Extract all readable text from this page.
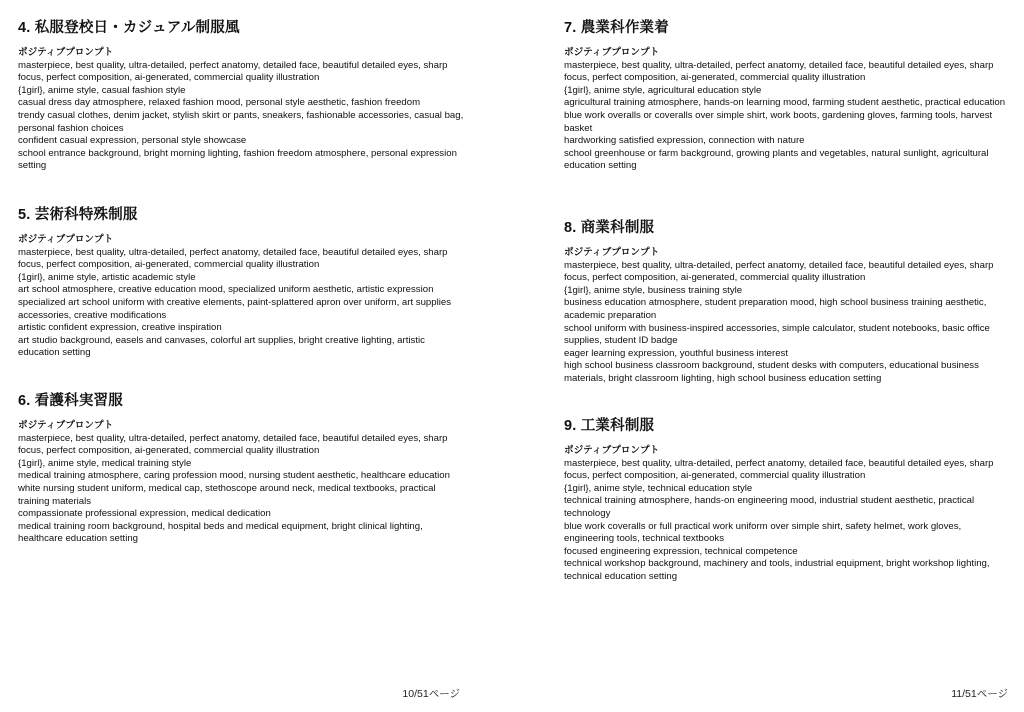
4. 私服登校日・カジュアル制服風
ポジティブプロンプト
masterpiece, best quality, ultra-detailed, perfect anatomy, detailed face, beautiful detailed eyes, sharp focus, perfect composition, ai-generated, commercial quality illustration
{1girl}, anime style, casual fashion style
casual dress day atmosphere, relaxed fashion mood, personal style aesthetic, fashion freedom
trendy casual clothes, denim jacket, stylish skirt or pants, sneakers, fashionable accessories, casual bag, personal fashion choices
confident casual expression, personal style showcase
school entrance background, bright morning lighting, fashion freedom atmosphere, personal expression setting
5. 芸術科特殊制服
ポジティブプロンプト
masterpiece, best quality, ultra-detailed, perfect anatomy, detailed face, beautiful detailed eyes, sharp focus, perfect composition, ai-generated, commercial quality illustration
{1girl}, anime style, artistic academic style
art school atmosphere, creative education mood, specialized uniform aesthetic, artistic expression
specialized art school uniform with creative elements, paint-splattered apron over uniform, art supplies accessories, creative modifications
artistic confident expression, creative inspiration
art studio background, easels and canvases, colorful art supplies, bright creative lighting, artistic education setting
6. 看護科実習服
ポジティブプロンプト
masterpiece, best quality, ultra-detailed, perfect anatomy, detailed face, beautiful detailed eyes, sharp focus, perfect composition, ai-generated, commercial quality illustration
{1girl}, anime style, medical training style
medical training atmosphere, caring profession mood, nursing student aesthetic, healthcare education
white nursing student uniform, medical cap, stethoscope around neck, medical textbooks, practical training materials
compassionate professional expression, medical dedication
medical training room background, hospital beds and medical equipment, bright clinical lighting, healthcare education setting
10/51ページ
7. 農業科作業着
ポジティブプロンプト
masterpiece, best quality, ultra-detailed, perfect anatomy, detailed face, beautiful detailed eyes, sharp focus, perfect composition, ai-generated, commercial quality illustration
{1girl}, anime style, agricultural education style
agricultural training atmosphere, hands-on learning mood, farming student aesthetic, practical education
blue work overalls or coveralls over simple shirt, work boots, gardening gloves, farming tools, harvest basket
hardworking satisfied expression, connection with nature
school greenhouse or farm background, growing plants and vegetables, natural sunlight, agricultural education setting
8. 商業科制服
ポジティブプロンプト
masterpiece, best quality, ultra-detailed, perfect anatomy, detailed face, beautiful detailed eyes, sharp focus, perfect composition, ai-generated, commercial quality illustration
{1girl}, anime style, business training style
business education atmosphere, student preparation mood, high school business training aesthetic, academic preparation
school uniform with business-inspired accessories, simple calculator, student notebooks, basic office supplies, student ID badge
eager learning expression, youthful business interest
high school business classroom background, student desks with computers, educational business materials, bright classroom lighting, high school business education setting
9. 工業科制服
ポジティブプロンプト
masterpiece, best quality, ultra-detailed, perfect anatomy, detailed face, beautiful detailed eyes, sharp focus, perfect composition, ai-generated, commercial quality illustration
{1girl}, anime style, technical education style
technical training atmosphere, hands-on engineering mood, industrial student aesthetic, practical technology
blue work coveralls or full practical work uniform over simple shirt, safety helmet, work gloves, engineering tools, technical textbooks
focused engineering expression, technical competence
technical workshop background, machinery and tools, industrial equipment, bright workshop lighting, technical education setting
11/51ページ
